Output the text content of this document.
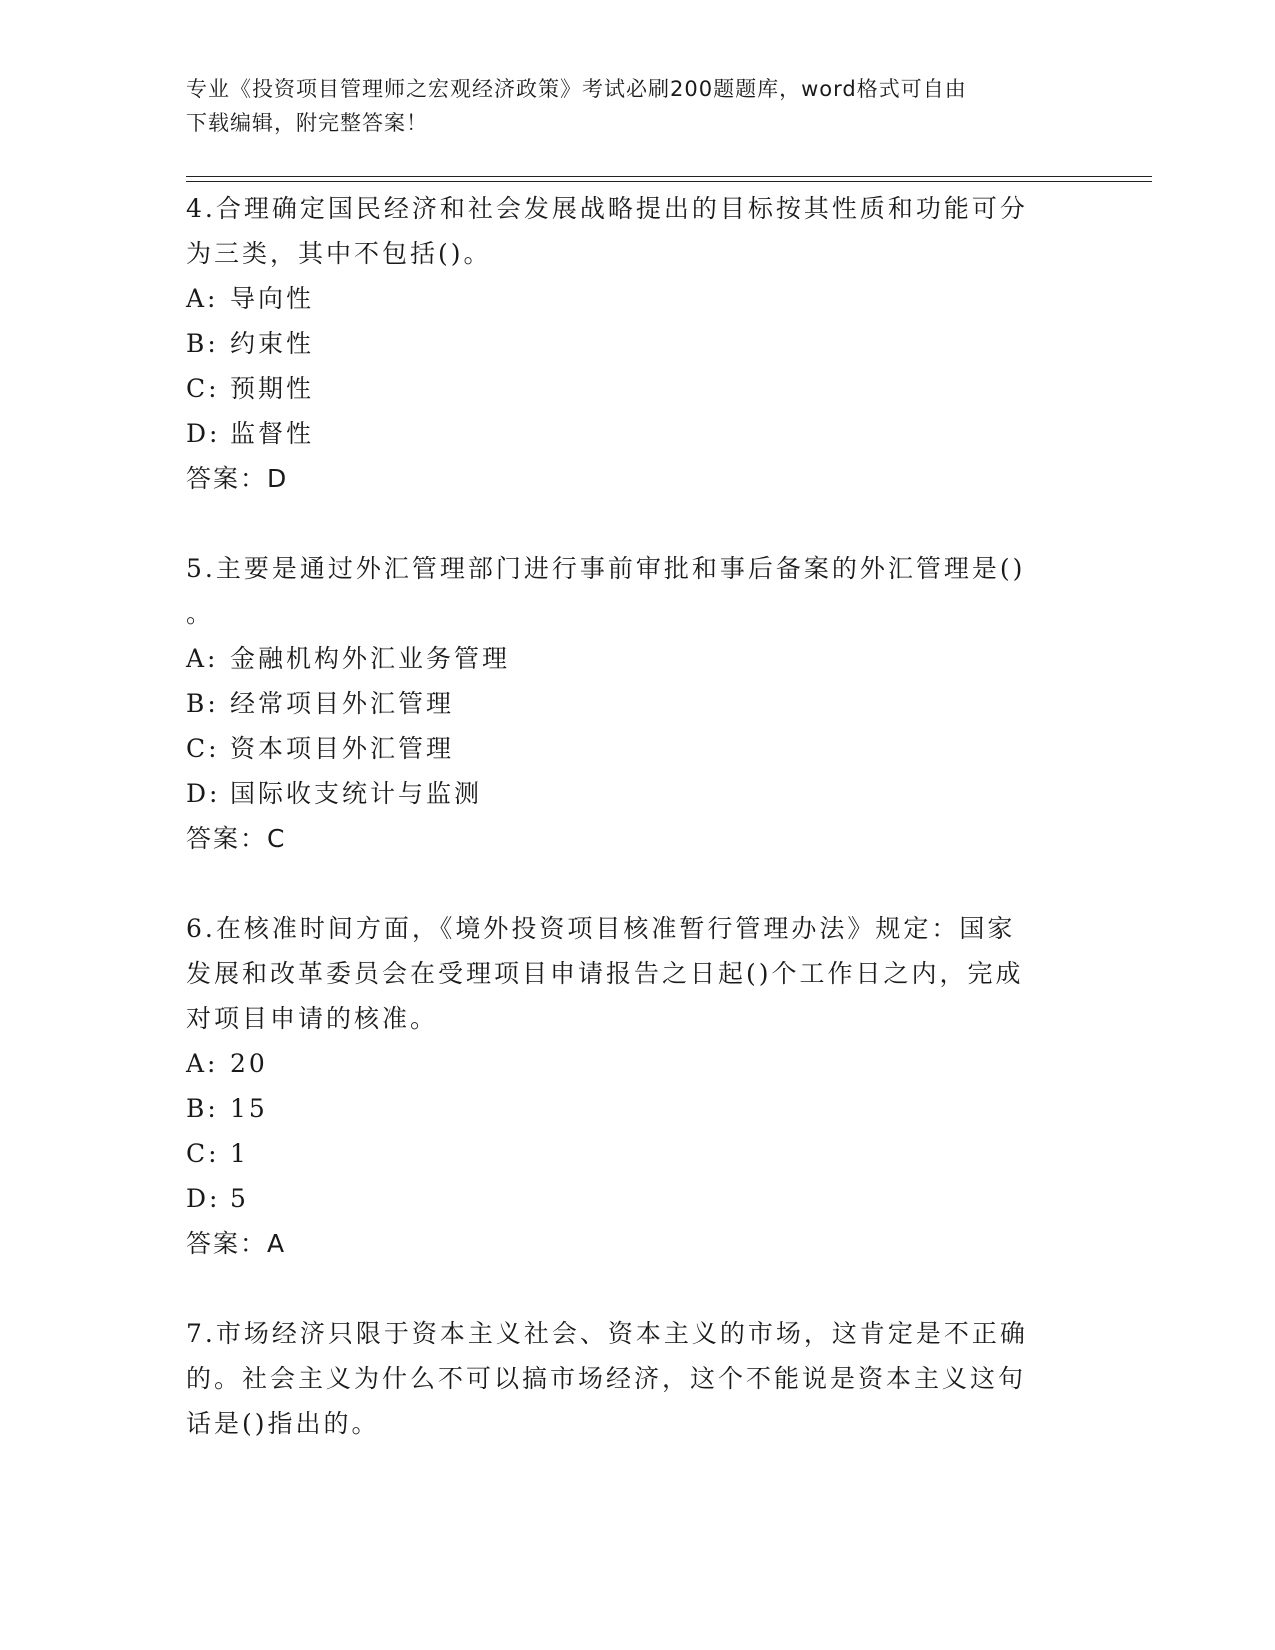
专业《投资项目管理师之宏观经济政策》考试必刷200题题库，word格式可自由
下载编辑，附完整答案！
4.合理确定国民经济和社会发展战略提出的目标按其性质和功能可分
为三类，其中不包括()。
A: 导向性
B: 约束性
C: 预期性
D: 监督性
答案：D
5.主要是通过外汇管理部门进行事前审批和事后备案的外汇管理是()
。
A: 金融机构外汇业务管理
B: 经常项目外汇管理
C: 资本项目外汇管理
D: 国际收支统计与监测
答案：C
6.在核准时间方面，《境外投资项目核准暂行管理办法》规定：国家
发展和改革委员会在受理项目申请报告之日起()个工作日之内，完成
对项目申请的核准。
A: 20
B: 15
C: 1
D: 5
答案：A
7.市场经济只限于资本主义社会、资本主义的市场，这肯定是不正确
的。社会主义为什么不可以搞市场经济，这个不能说是资本主义这句
话是()指出的。
